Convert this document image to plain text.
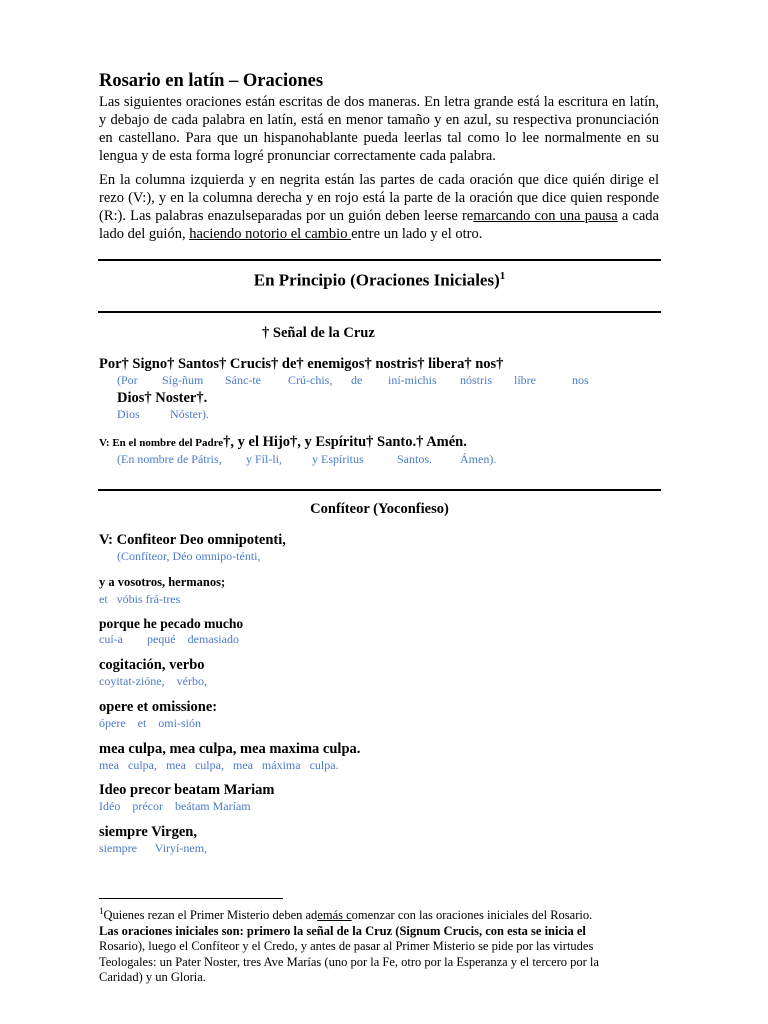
Rosario en latín – Oraciones

Las siguientes oraciones están escritas de dos maneras. En letra grande está la escritura en latín, y debajo de cada palabra en latín, está en menor tamaño y en azul, su respectiva pronunciación en castellano. Para que un hispanohablante pueda leerlas tal como lo lee normalmente en su lengua y de esta forma logré pronunciar correctamente cada palabra.

En la columna izquierda y en negrita están las partes de cada oración que dice quién dirige el rezo (V:), y en la columna derecha y en rojo está la parte de la oración que dice quien responde (R:). Las palabras enazulseparadas por un guión deben leerse remarcando con una pausa a cada lado del guión, haciendo notorio el cambio entre un lado y el otro.

En Principio (Oraciones Iniciales)$^1$
† Señal de la Cruz
Por† Signo† Santos† Crucis† de† enemigos† nostris† libera† nos†
(Por Síg-ñum Sánc-te Crú-chis, de iní-michis nóstris líbre	nos
Dios† Noster†.
Dios	Nóster).
V: En el nombre del Padre†, y el Hijo†, y Espíritu† Santo.† Amén.
(En nombre de Pátris, y Fíl-li, y Espíritus	Santos. Ámen).
Confíteor (Yoconfieso)
V: Confiteor Deo omnipotenti,
(Confíteor, Déo omnipo-ténti,
y a vosotros, hermanos;
et   vóbis frá-tres
porque he pecado mucho
cuí-a        pequé    demasiado
cogitación, verbo
coyitat-zióne,    vérbo,
opere et omissione:
ópere    et    omi-sión
mea culpa, mea culpa, mea maxima culpa.
mea   culpa,   mea   culpa,   mea   máxima   culpa.
Ideo precor beatam Mariam
Idéo    précor    beátam Maríam
siempre Virgen,
siempre      Viryí-nem,
$^1$Quienes rezan el Primer Misterio deben además comenzar con las oraciones iniciales del Rosario.
Las oraciones iniciales son: primero la señal de la Cruz (Signum Crucis, con esta se inicia el
Rosario), luego el Confíteor y el Credo, y antes de pasar al Primer Misterio se pide por las virtudes Teologales: un Pater Noster, tres Ave Marías (uno por la Fe, otro por la Esperanza y el tercero por la Caridad) y un Gloria.
